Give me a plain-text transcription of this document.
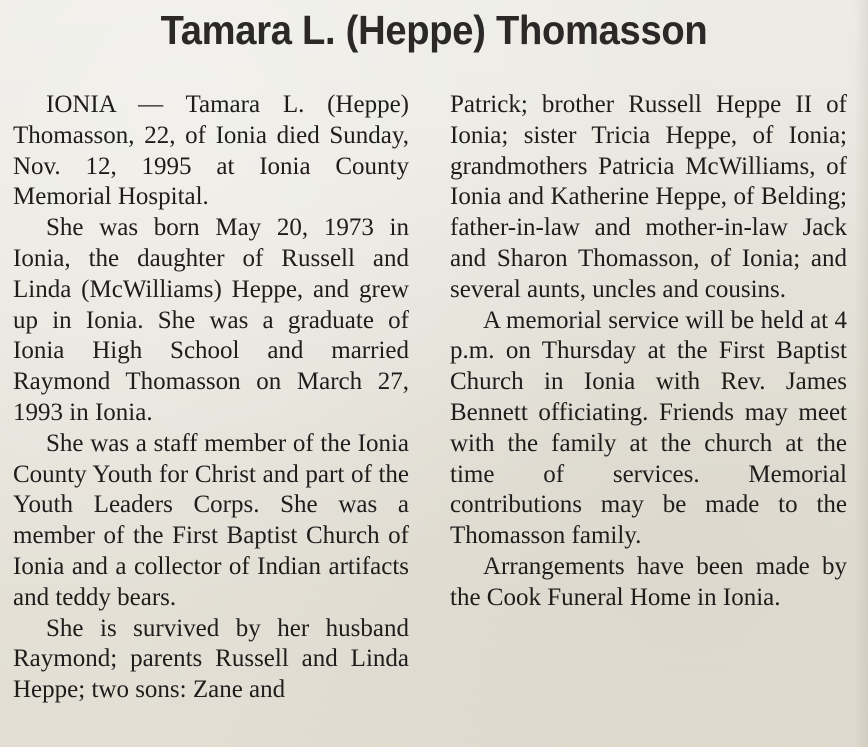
Tamara L. (Heppe) Thomasson

IONIA — Tamara L. (Heppe) Thomasson, 22, of Ionia died Sunday, Nov. 12, 1995 at Ionia County Memorial Hospital.

She was born May 20, 1973 in Ionia, the daughter of Russell and Linda (McWilliams) Heppe, and grew up in Ionia. She was a graduate of Ionia High School and married Raymond Thomasson on March 27, 1993 in Ionia.

She was a staff member of the Ionia County Youth for Christ and part of the Youth Leaders Corps. She was a member of the First Baptist Church of Ionia and a collector of Indian artifacts and teddy bears.

She is survived by her husband Raymond; parents Russell and Linda Heppe; two sons: Zane and

Patrick; brother Russell Heppe II of Ionia; sister Tricia Heppe, of Ionia; grandmothers Patricia McWilliams, of Ionia and Katherine Heppe, of Belding; father-in-law and mother-in-law Jack and Sharon Thomasson, of Ionia; and several aunts, uncles and cousins.

A memorial service will be held at 4 p.m. on Thursday at the First Baptist Church in Ionia with Rev. James Bennett officiating. Friends may meet with the family at the church at the time of services. Memorial contributions may be made to the Thomasson family.

Arrangements have been made by the Cook Funeral Home in Ionia.
